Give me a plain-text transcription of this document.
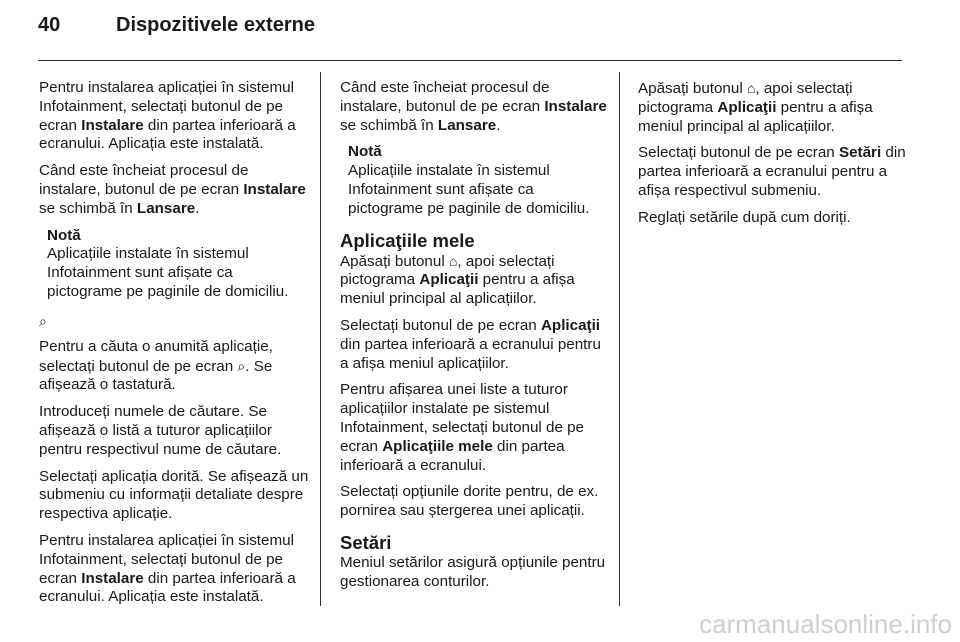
40	Dispozitivele externe

Pentru instalarea aplicației în sistemul Infotainment, selectați butonul de pe ecran Instalare din partea inferioară a ecranului. Aplicația este instalată.

Când este încheiat procesul de instalare, butonul de pe ecran Instalare se schimbă în Lansare.

Notă
Aplicațiile instalate în sistemul Infotainment sunt afișate ca pictograme pe paginile de domiciliu.
⌕

Pentru a căuta o anumită aplicație, selectați butonul de pe ecran ⌕. Se afișează o tastatură.

Introduceți numele de căutare. Se afișează o listă a tuturor aplicațiilor pentru respectivul nume de căutare.

Selectați aplicația dorită. Se afișează un submeniu cu informații detaliate despre respectiva aplicație.

Pentru instalarea aplicației în sistemul Infotainment, selectați butonul de pe ecran Instalare din partea inferioară a ecranului. Aplicația este instalată.

Când este încheiat procesul de instalare, butonul de pe ecran Instalare se schimbă în Lansare.

Notă
Aplicațiile instalate în sistemul Infotainment sunt afișate ca pictograme pe paginile de domiciliu.
Aplicaţiile mele

Apăsați butonul ⌂, apoi selectați pictograma Aplicaţii pentru a afișa meniul principal al aplicațiilor.

Selectați butonul de pe ecran Aplicaţii din partea inferioară a ecranului pentru a afișa meniul aplicațiilor.

Pentru afișarea unei liste a tuturor aplicațiilor instalate pe sistemul Infotainment, selectați butonul de pe ecran Aplicaţiile mele din partea inferioară a ecranului.

Selectați opțiunile dorite pentru, de ex. pornirea sau ștergerea unei aplicații.

Setări

Meniul setărilor asigură opțiunile pentru gestionarea conturilor.

Apăsați butonul ⌂, apoi selectați pictograma Aplicaţii pentru a afișa meniul principal al aplicațiilor.

Selectați butonul de pe ecran Setări din partea inferioară a ecranului pentru a afișa respectivul submeniu.

Reglați setările după cum doriți.

carmanualsonline.info
